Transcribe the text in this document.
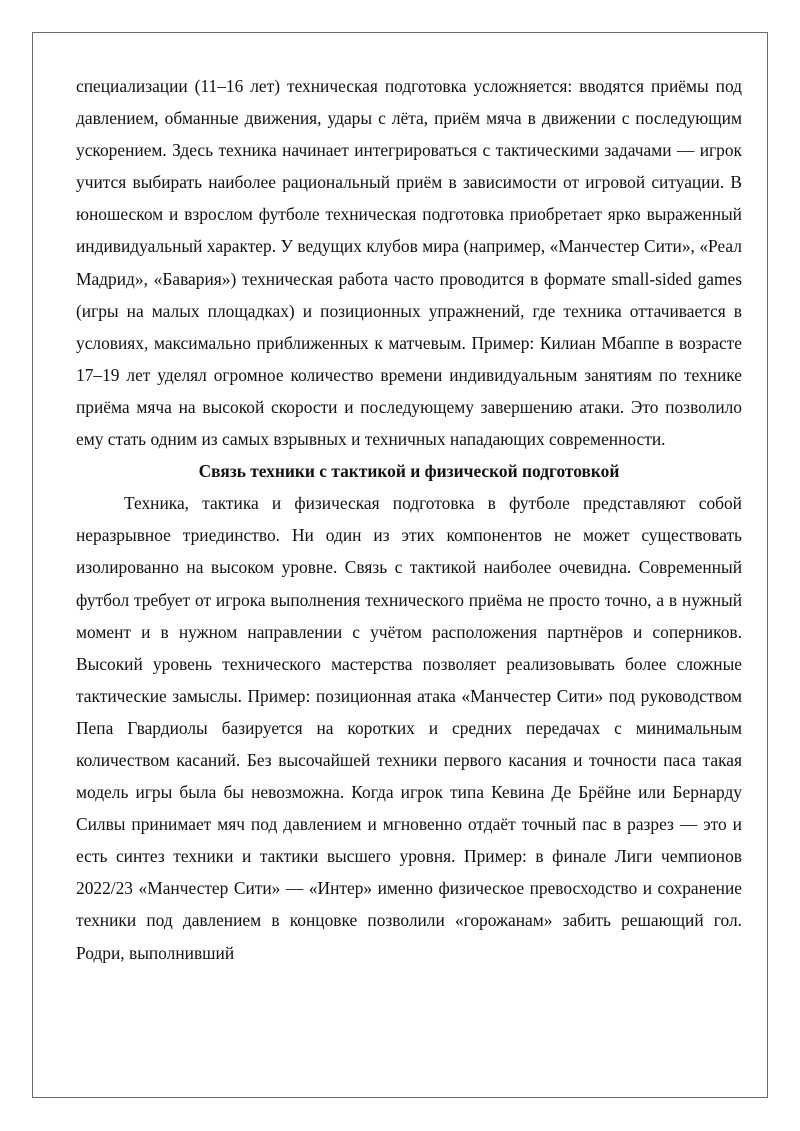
специализации (11–16 лет) техническая подготовка усложняется: вводятся приёмы под давлением, обманные движения, удары с лёта, приём мяча в движении с последующим ускорением. Здесь техника начинает интегрироваться с тактическими задачами — игрок учится выбирать наиболее рациональный приём в зависимости от игровой ситуации. В юношеском и взрослом футболе техническая подготовка приобретает ярко выраженный индивидуальный характер. У ведущих клубов мира (например, «Манчестер Сити», «Реал Мадрид», «Бавария») техническая работа часто проводится в формате small-sided games (игры на малых площадках) и позиционных упражнений, где техника оттачивается в условиях, максимально приближенных к матчевым. Пример: Килиан Мбаппе в возрасте 17–19 лет уделял огромное количество времени индивидуальным занятиям по технике приёма мяча на высокой скорости и последующему завершению атаки. Это позволило ему стать одним из самых взрывных и техничных нападающих современности.

Связь техники с тактикой и физической подготовкой

Техника, тактика и физическая подготовка в футболе представляют собой неразрывное триединство. Ни один из этих компонентов не может существовать изолированно на высоком уровне. Связь с тактикой наиболее очевидна. Современный футбол требует от игрока выполнения технического приёма не просто точно, а в нужный момент и в нужном направлении с учётом расположения партнёров и соперников. Высокий уровень технического мастерства позволяет реализовывать более сложные тактические замыслы. Пример: позиционная атака «Манчестер Сити» под руководством Пепа Гвардиолы базируется на коротких и средних передачах с минимальным количеством касаний. Без высочайшей техники первого касания и точности паса такая модель игры была бы невозможна. Когда игрок типа Кевина Де Брёйне или Бернарду Силвы принимает мяч под давлением и мгновенно отдаёт точный пас в разрез — это и есть синтез техники и тактики высшего уровня. Пример: в финале Лиги чемпионов 2022/23 «Манчестер Сити» — «Интер» именно физическое превосходство и сохранение техники под давлением в концовке позволили «горожанам» забить решающий гол. Родри, выполнивший
